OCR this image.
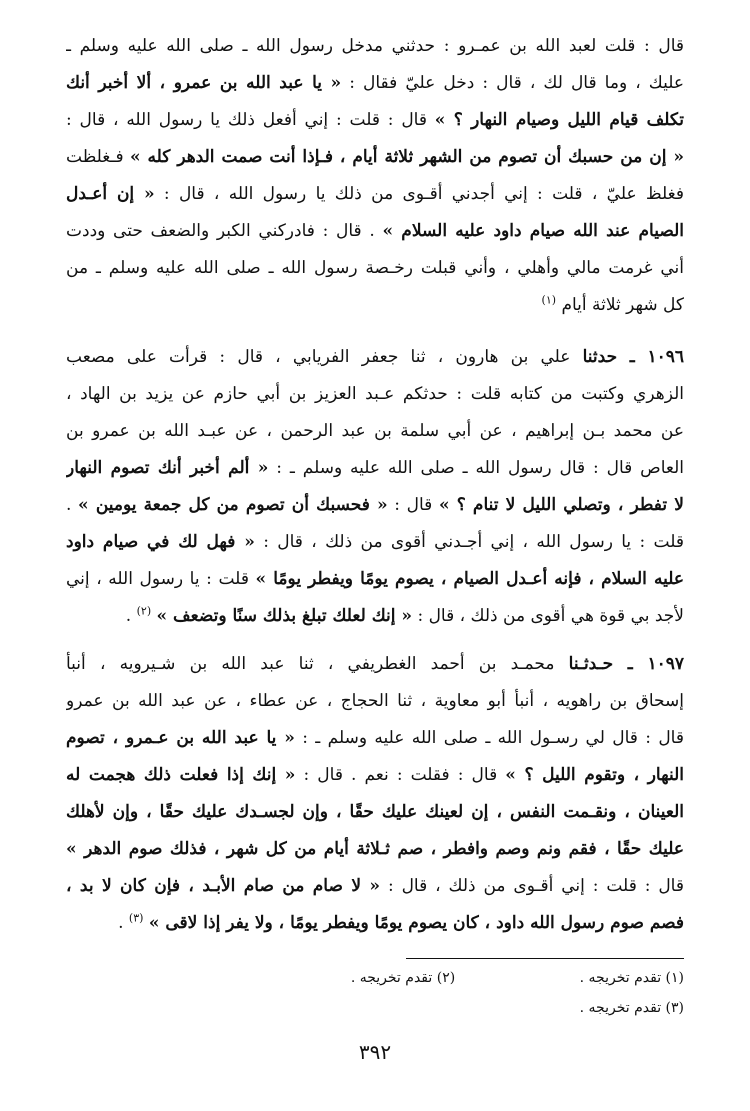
قال : قلت لعبد الله بن عمـرو : حدثني مدخل رسول الله ـ صلى الله عليه وسلم ـ
عليك ، وما قال لك ، قال : دخل عليّ فقال : « يا عبد الله بن عمرو ، ألا أخبر أنك
تكلف قيام الليل وصيام النهار ؟ » قال : قلت : إني أفعل ذلك يا رسول الله ، قال :
« إن من حسبك أن تصوم من الشهر ثلاثة أيام ، فـإذا أنت صمت الدهر كله » فـغلظت
فغلظ عليّ ، قلت : إني أجدني أقـوى من ذلك يا رسول الله ، قال : « إن أعـدل
الصيام عند الله صيام داود عليه السلام » . قال : فادركني الكبر والضعف حتى وددت
أني غرمت مالي وأهلي ، وأني قبلت رخـصة رسول الله ـ صلى الله عليه وسلم ـ من
كل شهر ثلاثة أيام $^{(١)}$
١٠٩٦ ـ حدثنا علي بن هارون ، ثنا جعفر الفريابي ، قال : قرأت على مصعب
الزهري وكتبت من كتابه قلت : حدثكم عـبد العزيز بن أبي حازم عن يزيد بن الهاد ،
عن محمد بـن إبراهيم ، عن أبي سلمة بن عبد الرحمن ، عن عبـد الله بن عمرو بن
العاص قال : قال رسول الله ـ صلى الله عليه وسلم ـ : « ألم أخبر أنك تصوم النهار
لا تفطر ، وتصلي الليل لا تنام ؟ » قال : « فحسبك أن تصوم من كل جمعة يومين » .
قلت : يا رسول الله ، إني أجـدني أقوى من ذلك ، قال : « فهل لك في صيام داود
عليه السلام ، فإنه أعـدل الصيام ، يصوم يومًا ويفطر يومًا » قلت : يا رسول الله ، إني
لأجد بي قوة هي أقوى من ذلك ، قال : « إنك لعلك تبلغ بذلك سنًا وتضعف » $^{(٢)}$ .
١٠٩٧ ـ حـدثـنا محمـد بن أحمد الغطريفي ، ثنا عبد الله بن شـيرويه ، أنبأ
إسحاق بن راهويه ، أنبأ أبو معاوية ، ثنا الحجاج ، عن عطاء ، عن عبد الله بن عمرو
قال : قال لي رسـول الله ـ صلى الله عليه وسلم ـ : « يا عبد الله بن عـمرو ، تصوم
النهار ، وتقوم الليل ؟ » قال : فقلت : نعم . قال : « إنك إذا فعلت ذلك هجمت له
العينان ، ونقـمت النفس ، إن لعينك عليك حقًا ، وإن لجسـدك عليك حقًا ، وإن لأهلك
عليك حقًا ، فقم ونم وصم وافطر ، صم ثـلاثة أيام من كل شهر ، فذلك صوم الدهر »
قال : قلت : إني أقـوى من ذلك ، قال : « لا صام من صام الأبـد ، فإن كان لا بد ،
فصم صوم رسول الله داود ، كان يصوم يومًا ويفطر يومًا ، ولا يفر إذا لاقى » $^{(٣)}$ .
(١) تقدم تخريجه . (٢) تقدم تخريجه .
(٣) تقدم تخريجه .
٣٩٢
